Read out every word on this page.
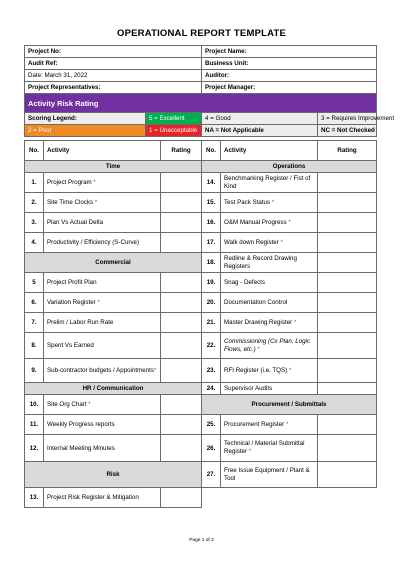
OPERATIONAL REPORT TEMPLATE
Project No:				Project Name:		
Audit Ref:				Business Unit:		
Date: March 31, 2022				Auditor:		
Project Representatives:				Project Manager:		
Activity Risk Rating						
Scoring Legend:		5 = Excellent		4 = Good		3 = Requires Improvement
2 = Poor		1 = Unacceptable		NA = Not Applicable		NC = Not Checked

No.	Activity		Rating	No.	Activity	Rating
Time				Operations		
1.	Project Program *			14.	Benchmarking Register / Fist of Kind	
2.	Site Time Clocks *			15.	Test Pack Status *	
3.	Plan Vs Actual Delta			16.	O&M Manual Progress *	
4.	Productivity / Efficiency (S-Curve)			17.	Walk down Register *	
Commercial				18.	Redline & Record Drawing Registers	
5	Project Profit Plan			19.	Snag - Defects	
6.	Variation Register *			20.	Documentation Control	
7.	Prelim / Labor Run Rate			21.	Master Drawing Register *	
8.	Spent Vs Earned			22.	Commissioning (Cx Plan, Logic Flows, etc.) *	
9.	Sub-contractor budgets / Appointments*			23.	RFI Register (i.e. TQS) *	
HR / Communication				24.	Supervisor Audits	
10.	Site Org Chart *			Procurement / Submittals		
11.	Weekly Progress reports			25.	Procurement Register *	
12.	Internal Meeting Minutes			26.	Technical / Material Submittal Register *	
Risk				27.	Free Issue Equipment / Plant & Tool	
13.	Project Risk Register & Mitigation					
Page 1 of 2
